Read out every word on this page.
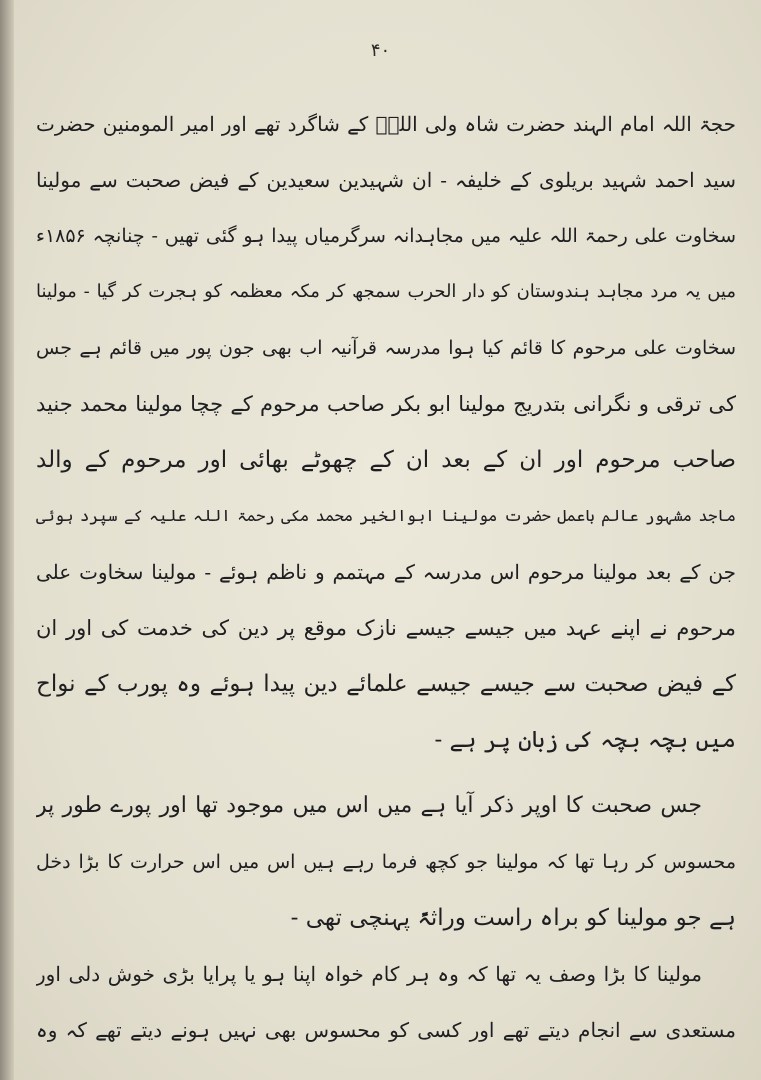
۴۰
حجۃ اللہ امام الہند حضرت شاہ ولی اللہؒ کے شاگرد تھے اور امیر المومنین حضرت
سید احمد شہید بریلوی کے خلیفہ - ان شہیدین سعیدین کے فیض صحبت سے مولینا
سخاوت علی رحمۃ اللہ علیہ میں مجاہدانہ سرگرمیاں پیدا ہو گئی تھیں - چنانچہ ۱۸۵۶ء
میں یہ مرد مجاہد ہندوستان کو دار الحرب سمجھ کر مکہ معظمہ کو ہجرت کر گیا - مولینا
سخاوت علی مرحوم کا قائم کیا ہوا مدرسہ قرآنیہ اب بھی جون پور میں قائم ہے جس
کی ترقی و نگرانی بتدریج مولینا ابو بکر صاحب مرحوم کے چچا مولینا محمد جنید
صاحب مرحوم اور ان کے بعد ان کے چھوٹے بھائی اور مرحوم کے والد
ماجد مشہور عالم باعمل حضرت مولینا ابوالخیر محمد مکی رحمۃ اللہ علیہ کے سپرد ہوئی
جن کے بعد مولینا مرحوم اس مدرسہ کے مہتمم و ناظم ہوئے - مولینا سخاوت علی
مرحوم نے اپنے عہد میں جیسے جیسے نازک موقع پر دین کی خدمت کی اور ان
کے فیض صحبت سے جیسے جیسے علمائے دین پیدا ہوئے وہ پورب کے نواح
میں بچہ بچہ کی زبان پر ہے -
جس صحبت کا اوپر ذکر آیا ہے میں اس میں موجود تھا اور پورے طور پر
محسوس کر رہا تھا کہ مولینا جو کچھ فرما رہے ہیں اس میں اس حرارت کا بڑا دخل
ہے جو مولینا کو براہ راست وراثۃً پہنچی تھی -
مولینا کا بڑا وصف یہ تھا کہ وہ ہر کام خواہ اپنا ہو یا پرایا بڑی خوش دلی اور
مستعدی سے انجام دیتے تھے اور کسی کو محسوس بھی نہیں ہونے دیتے تھے کہ وہ
